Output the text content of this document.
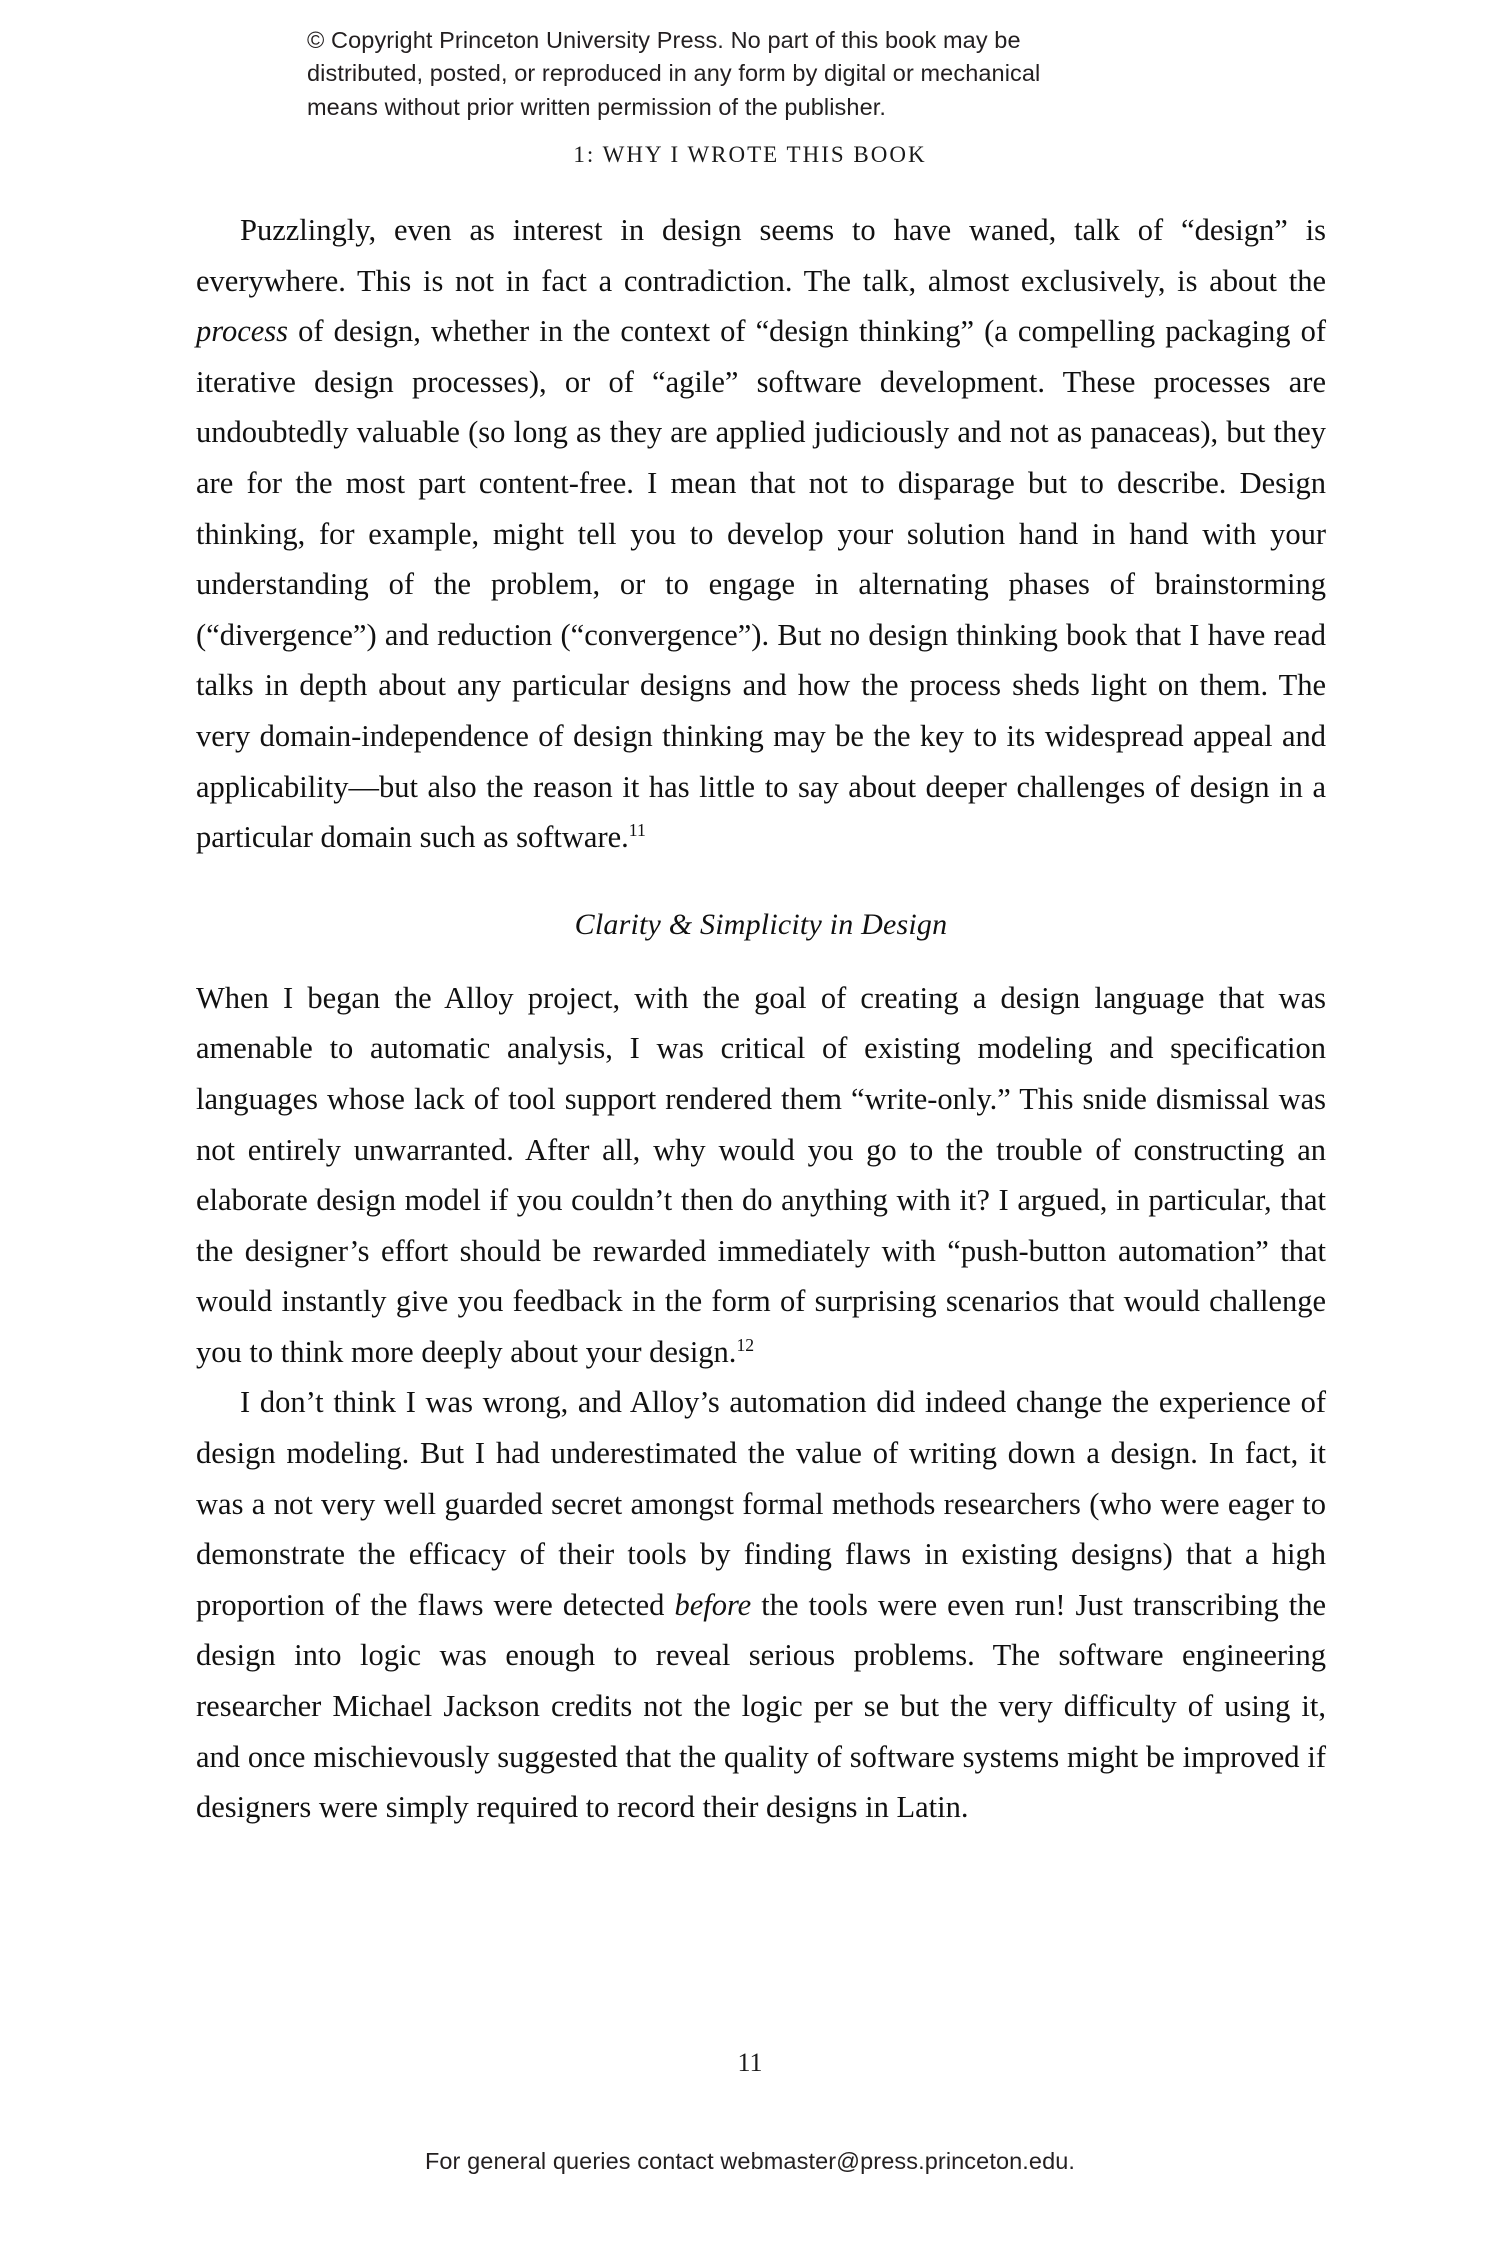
© Copyright Princeton University Press. No part of this book may be
distributed, posted, or reproduced in any form by digital or mechanical
means without prior written permission of the publisher.
1: WHY I WROTE THIS BOOK

Puzzlingly, even as interest in design seems to have waned, talk of “design” is everywhere. This is not in fact a contradiction. The talk, almost exclusively, is about the process of design, whether in the context of “design thinking” (a compelling packaging of iterative design processes), or of “agile” software development. These processes are undoubtedly valuable (so long as they are applied judiciously and not as panaceas), but they are for the most part content-free. I mean that not to disparage but to describe. Design thinking, for example, might tell you to develop your solution hand in hand with your understanding of the problem, or to engage in alternating phases of brainstorming (“divergence”) and reduction (“convergence”). But no design thinking book that I have read talks in depth about any particular designs and how the process sheds light on them. The very domain-independence of design thinking may be the key to its widespread appeal and applicability—but also the reason it has little to say about deeper challenges of design in a particular domain such as software.$^{11}$

Clarity & Simplicity in Design

When I began the Alloy project, with the goal of creating a design language that was amenable to automatic analysis, I was critical of existing modeling and specification languages whose lack of tool support rendered them “write-only.” This snide dismissal was not entirely unwarranted. After all, why would you go to the trouble of constructing an elaborate design model if you couldn’t then do anything with it? I argued, in particular, that the designer’s effort should be rewarded immediately with “push-button automation” that would instantly give you feedback in the form of surprising scenarios that would challenge you to think more deeply about your design.$^{12}$

I don’t think I was wrong, and Alloy’s automation did indeed change the experience of design modeling. But I had underestimated the value of writing down a design. In fact, it was a not very well guarded secret amongst formal methods researchers (who were eager to demonstrate the efficacy of their tools by finding flaws in existing designs) that a high proportion of the flaws were detected before the tools were even run! Just transcribing the design into logic was enough to reveal serious problems. The software engineering researcher Michael Jackson credits not the logic per se but the very difficulty of using it, and once mischievously suggested that the quality of software systems might be improved if designers were simply required to record their designs in Latin.

11
For general queries contact webmaster@press.princeton.edu.
